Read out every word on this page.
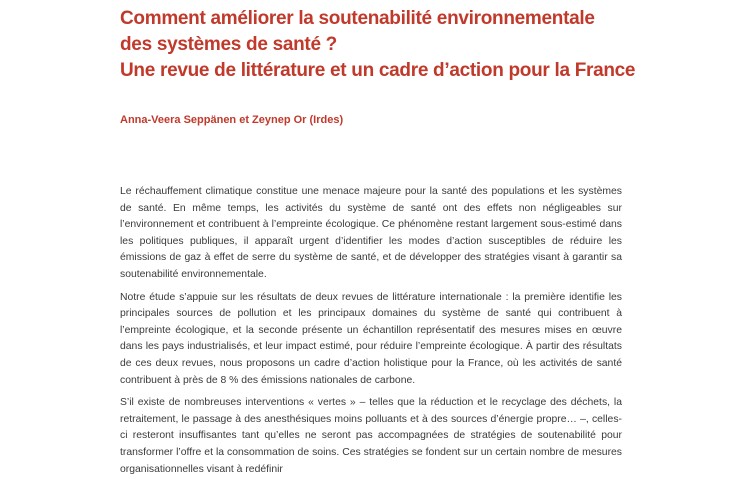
Comment améliorer la soutenabilité environnementale
des systèmes de santé ?
Une revue de littérature et un cadre d’action pour la France
Anna-Veera Seppänen et Zeynep Or (Irdes)

Le réchauffement climatique constitue une menace majeure pour la santé des populations et les systèmes de santé. En même temps, les activités du système de santé ont des effets non négligeables sur l’environnement et contribuent à l’empreinte écologique. Ce phénomène restant largement sous-estimé dans les politiques publiques, il apparaît urgent d’identifier les modes d’action susceptibles de réduire les émissions de gaz à effet de serre du système de santé, et de développer des stratégies visant à garantir sa soutenabilité environnementale.

Notre étude s’appuie sur les résultats de deux revues de littérature internationale : la première identifie les principales sources de pollution et les principaux domaines du système de santé qui contribuent à l’empreinte écologique, et la seconde présente un échantillon représentatif des mesures mises en œuvre dans les pays industrialisés, et leur impact estimé, pour réduire l’empreinte écologique. À partir des résultats de ces deux revues, nous proposons un cadre d’action holistique pour la France, où les activités de santé contribuent à près de 8 % des émissions nationales de carbone.

S’il existe de nombreuses interventions « vertes » – telles que la réduction et le recyclage des déchets, la retraitement, le passage à des anesthésiques moins polluants et à des sources d’énergie propre… –, celles-ci resteront insuffisantes tant qu’elles ne seront pas accompagnées de stratégies de soutenabilité pour transformer l’offre et la consommation de soins. Ces stratégies se fondent sur un certain nombre de mesures organisationnelles visant à redéfinir
